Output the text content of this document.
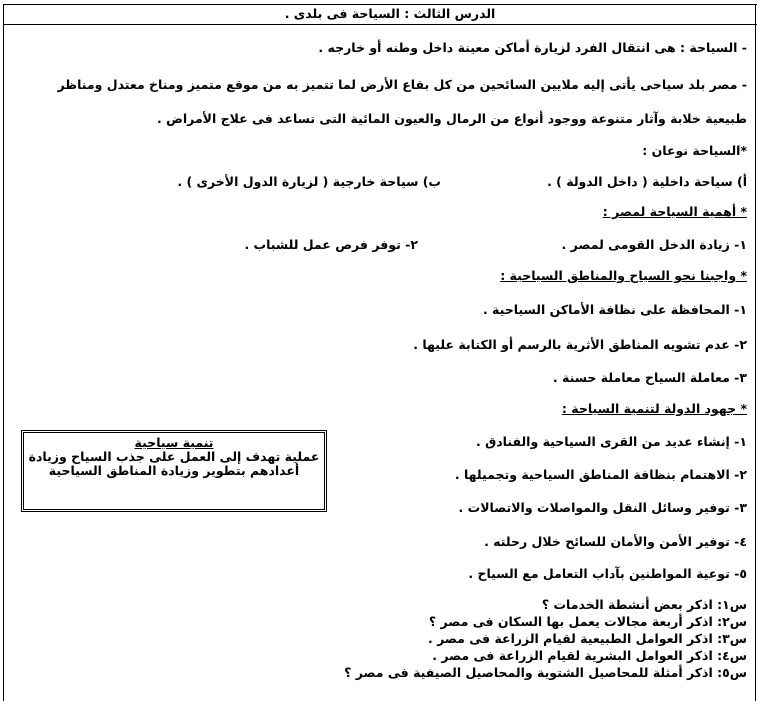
الدرس الثالث : السياحة فى بلدى .
- السياحة : هى انتقال الفرد لزيارة أماكن معينة داخل وطنه أو خارجه .
- مصر بلد سياحى يأتى إليه ملايين السائحين من كل بقاع الأرض لما تتميز به من موقع متميز ومناخ معتدل ومناظر
طبيعية خلابة وآثار متنوعة ووجود أنواع من الرمال والعيون المائية التى تساعد فى علاج الأمراض .
*السياحة نوعان :
أ) سياحة داخلية ( داخل الدولة ) .
ب) سياحة خارجية ( لزيارة الدول الأخرى ) .
* أهمية السياحة لمصر :
١- زيادة الدخل القومى لمصر .
٢- توفر فرص عمل للشباب .
* واجبنا نحو السياح والمناطق السياحية :
١- المحافظة على نظافة الأماكن السياحية .
٢- عدم تشويه المناطق الأثرية بالرسم أو الكتابة عليها .
٣- معاملة السياح معاملة حسنة .
* جهود الدولة لتنمية السياحة :
١- إنشاء عديد من القرى السياحية والفنادق .
٢- الاهتمام بنظافة المناطق السياحية وتجميلها .
٣- توفير وسائل النقل والمواصلات والاتصالات .
٤- توفير الأمن والأمان للسائح خلال رحلته .
٥- توعية المواطنين بآداب التعامل مع السياح .
تنمية سياحية
عملية تهدف إلى العمل على جذب السياح وزيادة
أعدادهم بتطوير وزيادة المناطق السياحية
س١: اذكر بعض أنشطة الخدمات ؟
س٢: اذكر أربعة مجالات يعمل بها السكان فى مصر ؟
س٣: اذكر العوامل الطبيعية لقيام الزراعة فى مصر .
س٤: اذكر العوامل البشرية لقيام الزراعة فى مصر .
س٥: اذكر أمثلة للمحاصيل الشتوية والمحاصيل الصيفية فى مصر ؟
